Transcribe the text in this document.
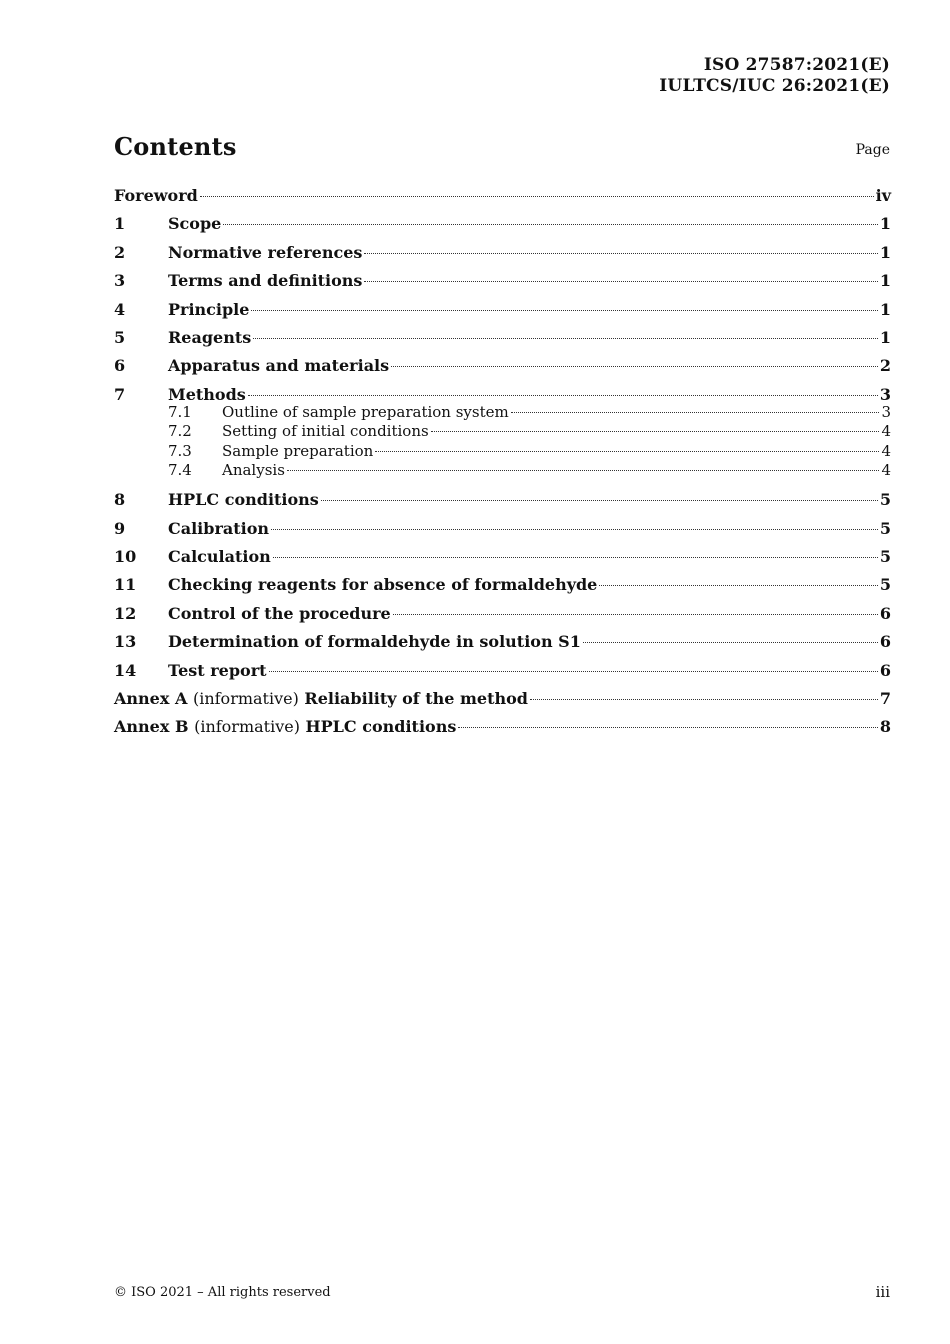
ISO 27587:2021(E)
IULTCS/IUC 26:2021(E)
Contents	Page
Foreword	iv
1	Scope	1
2	Normative references	1
3	Terms and definitions	1
4	Principle	1
5	Reagents	1
6	Apparatus and materials	2
7	Methods	3
7.1	Outline of sample preparation system	3
7.2	Setting of initial conditions	4
7.3	Sample preparation	4
7.4	Analysis	4
8	HPLC conditions	5
9	Calibration	5
10	Calculation	5
11	Checking reagents for absence of formaldehyde	5
12	Control of the procedure	6
13	Determination of formaldehyde in solution S1	6
14	Test report	6
Annex A (informative) Reliability of the method	7
Annex B (informative) HPLC conditions	8
© ISO 2021 – All rights reserved	iii
